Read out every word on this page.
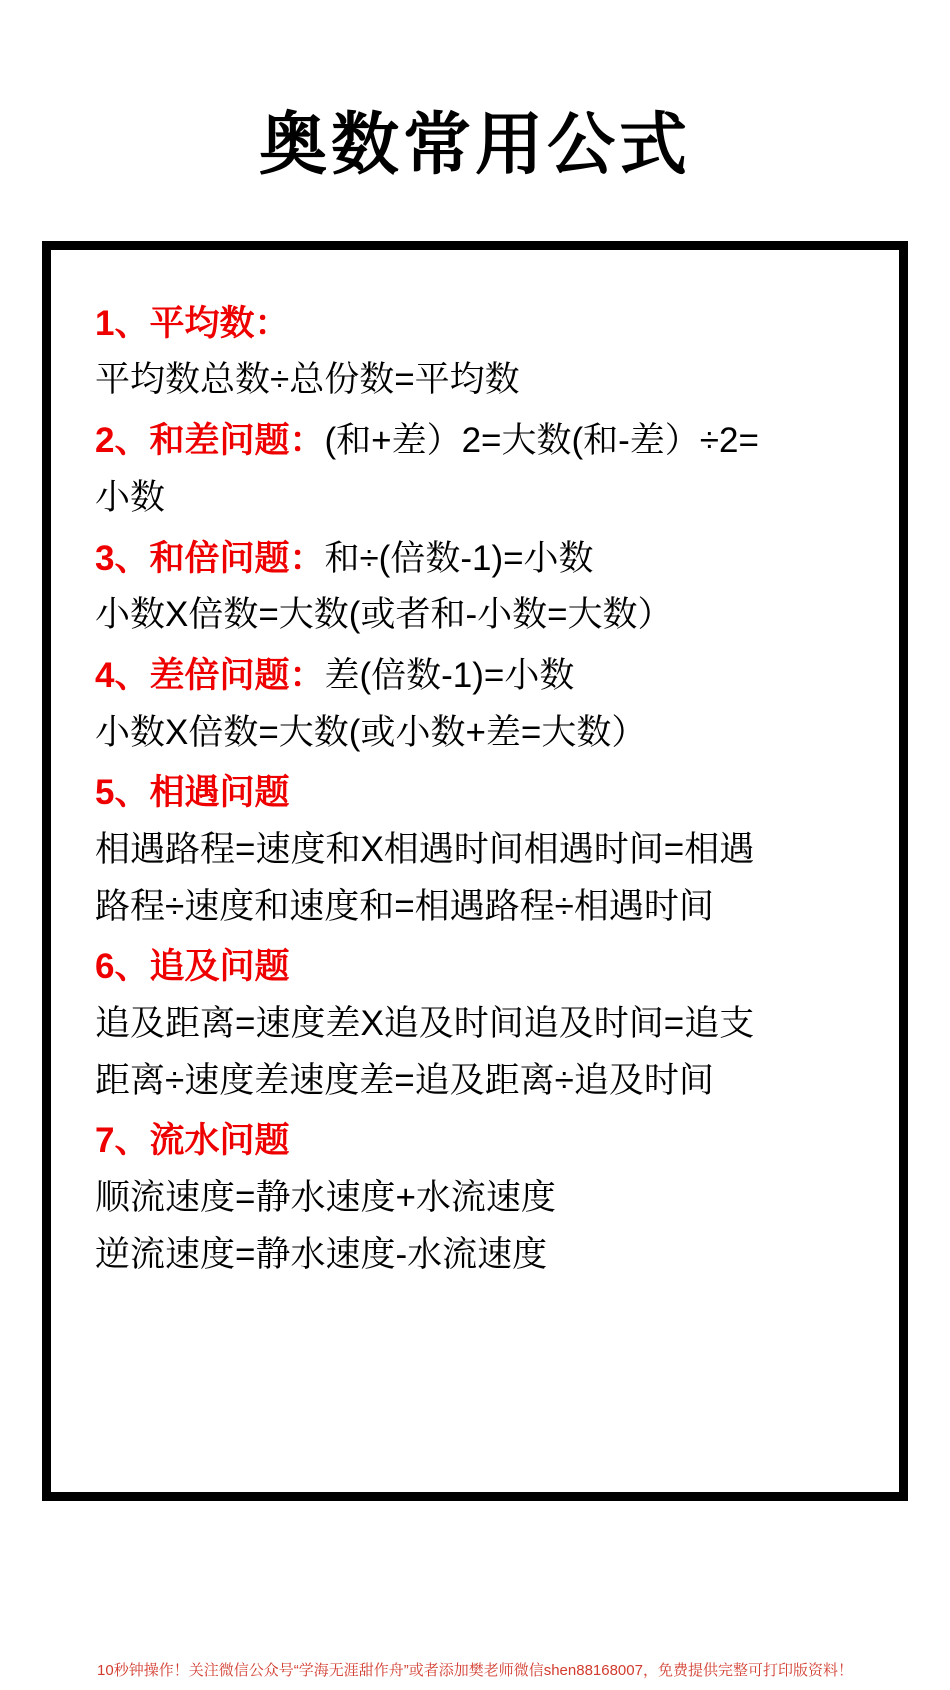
奥数常用公式
1、平均数：
平均数总数÷总份数=平均数
2、和差问题：(和+差）2=大数(和-差）÷2=
小数
3、和倍问题：和÷(倍数-1)=小数
小数X倍数=大数(或者和-小数=大数）
4、差倍问题：差(倍数-1)=小数
小数X倍数=大数(或小数+差=大数）
5、相遇问题
相遇路程=速度和X相遇时间相遇时间=相遇
路程÷速度和速度和=相遇路程÷相遇时间
6、追及问题
追及距离=速度差X追及时间追及时间=追支
距离÷速度差速度差=追及距离÷追及时间
7、流水问题
顺流速度=静水速度+水流速度
逆流速度=静水速度-水流速度
10秒钟操作！关注微信公众号“学海无涯甜作舟”或者添加樊老师微信shen88168007，免费提供完整可打印版资料！
